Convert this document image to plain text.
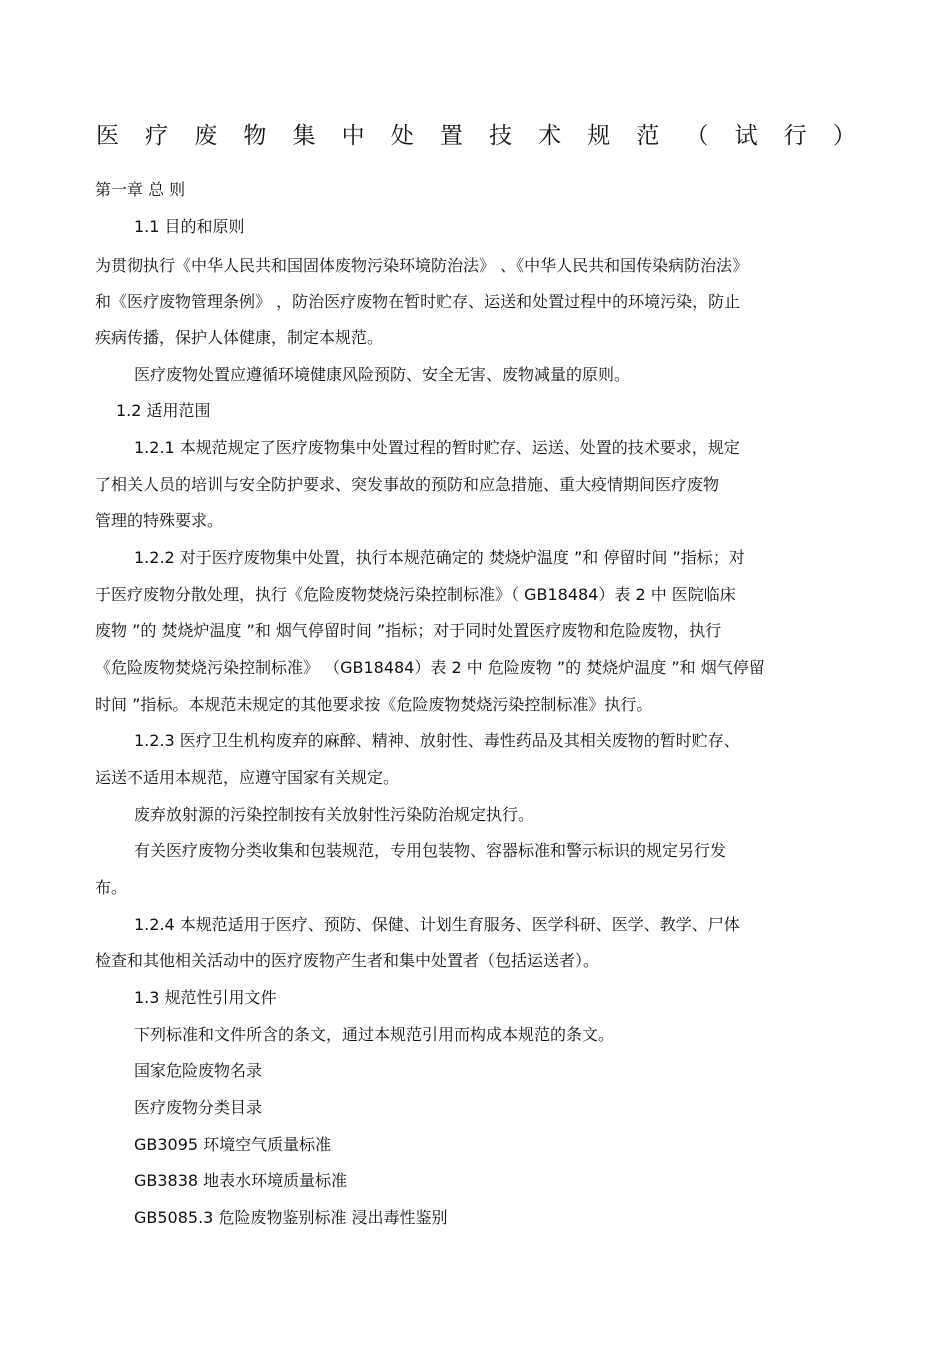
医 疗 废 物 集 中 处 置 技 术 规 范 （ 试 行 ）
第一章 总 则
1.1 目的和原则
为贯彻执行《中华人民共和国固体废物污染环境防治法》 、《中华人民共和国传染病防治法》
和《医疗废物管理条例》 ，防治医疗废物在暂时贮存、运送和处置过程中的环境污染，防止
疾病传播，保护人体健康，制定本规范。
医疗废物处置应遵循环境健康风险预防、安全无害、废物减量的原则。
1.2 适用范围
1.2.1 本规范规定了医疗废物集中处置过程的暂时贮存、运送、处置的技术要求，规定
了相关人员的培训与安全防护要求、突发事故的预防和应急措施、重大疫情期间医疗废物
管理的特殊要求。
1.2.2 对于医疗废物集中处置，执行本规范确定的 焚烧炉温度 ”和 停留时间 ”指标；对
于医疗废物分散处理，执行《危险废物焚烧污染控制标准》（ GB18484）表 2 中 医院临床
废物 ”的 焚烧炉温度 ”和 烟气停留时间 ”指标；对于同时处置医疗废物和危险废物，执行
《危险废物焚烧污染控制标准》 （GB18484）表 2 中 危险废物 ”的 焚烧炉温度 ”和 烟气停留
时间 ”指标。本规范未规定的其他要求按《危险废物焚烧污染控制标准》执行。
1.2.3 医疗卫生机构废弃的麻醉、精神、放射性、毒性药品及其相关废物的暂时贮存、
运送不适用本规范，应遵守国家有关规定。
废弃放射源的污染控制按有关放射性污染防治规定执行。
有关医疗废物分类收集和包装规范，专用包装物、容器标准和警示标识的规定另行发
布。
1.2.4 本规范适用于医疗、预防、保健、计划生育服务、医学科研、医学、教学、尸体
检查和其他相关活动中的医疗废物产生者和集中处置者（包括运送者）。
1.3 规范性引用文件
下列标准和文件所含的条文，通过本规范引用而构成本规范的条文。
国家危险废物名录
医疗废物分类目录
GB3095 环境空气质量标准
GB3838 地表水环境质量标准
GB5085.3 危险废物鉴别标准 浸出毒性鉴别
